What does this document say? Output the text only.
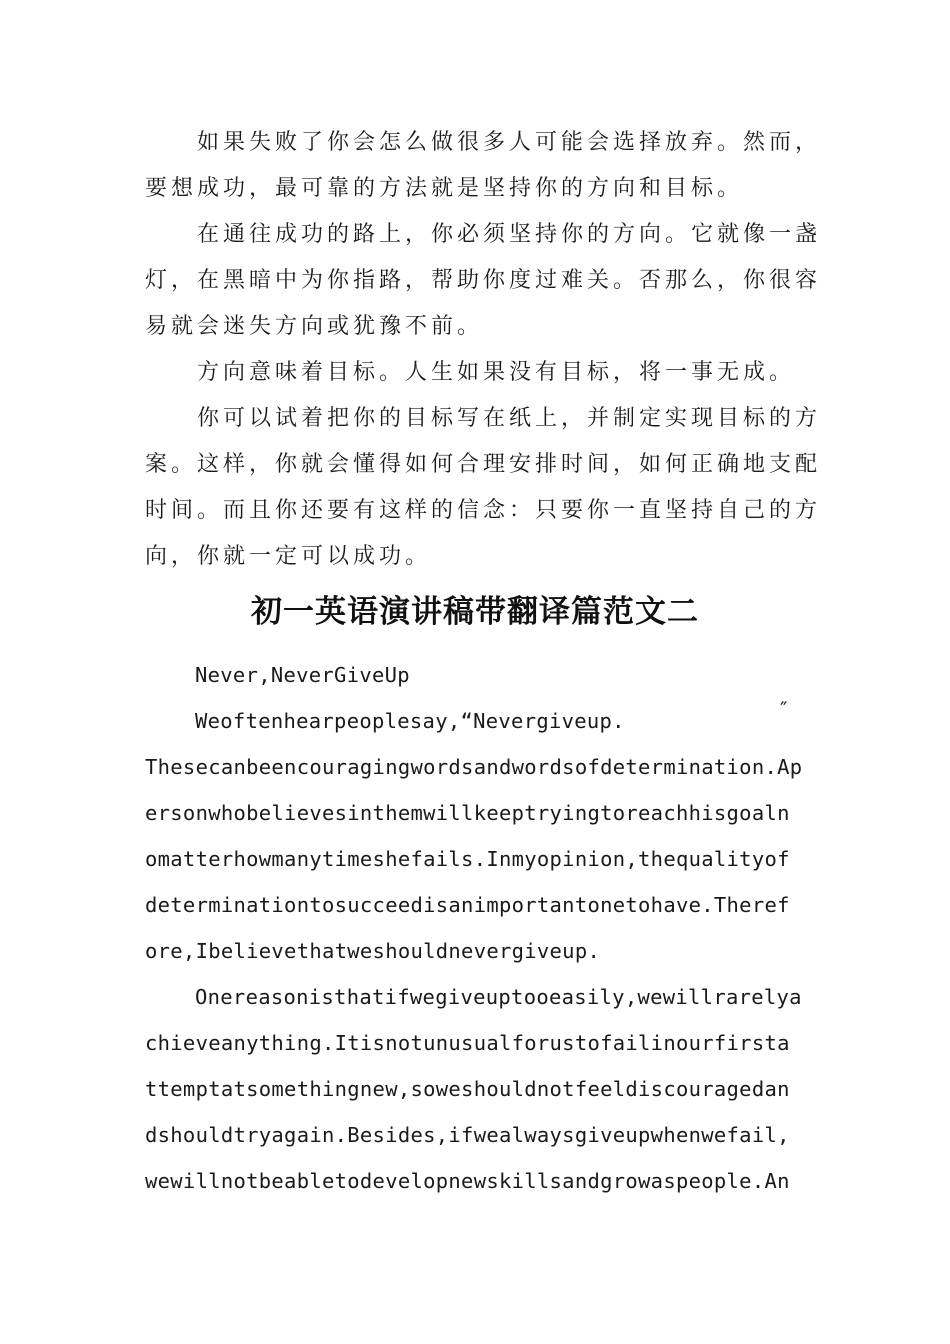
如果失败了你会怎么做很多人可能会选择放弃。然而，
要想成功，最可靠的方法就是坚持你的方向和目标。
在通往成功的路上，你必须坚持你的方向。它就像一盏
灯，在黑暗中为你指路，帮助你度过难关。否那么，你很容
易就会迷失方向或犹豫不前。
方向意味着目标。人生如果没有目标，将一事无成。
你可以试着把你的目标写在纸上，并制定实现目标的方
案。这样，你就会懂得如何合理安排时间，如何正确地支配
时间。而且你还要有这样的信念：只要你一直坚持自己的方
向，你就一定可以成功。
初一英语演讲稿带翻译篇范文二
Never,NeverGiveUp
Weoftenhearpeoplesay,“Nevergiveup.	″
Thesecanbeencouragingwordsandwordsofdetermination.Ap
ersonwhobelievesinthemwillkeeptryingtoreachhisgoaln
omatterhowmanytimeshefails.Inmyopinion,thequalityof
determinationtosucceedisanimportantonetohave.Theref
ore,Ibelievethatweshouldnevergiveup.
Onereasonisthatifwegiveuptooeasily,wewillrarelya
chieveanything.Itisnotunusualforustofailinourfirsta
ttemptatsomethingnew,soweshouldnotfeeldiscouragedan
dshouldtryagain.Besides,ifwealwaysgiveupwhenwefail,
wewillnotbeabletodevelopnewskillsandgrowaspeople.An
